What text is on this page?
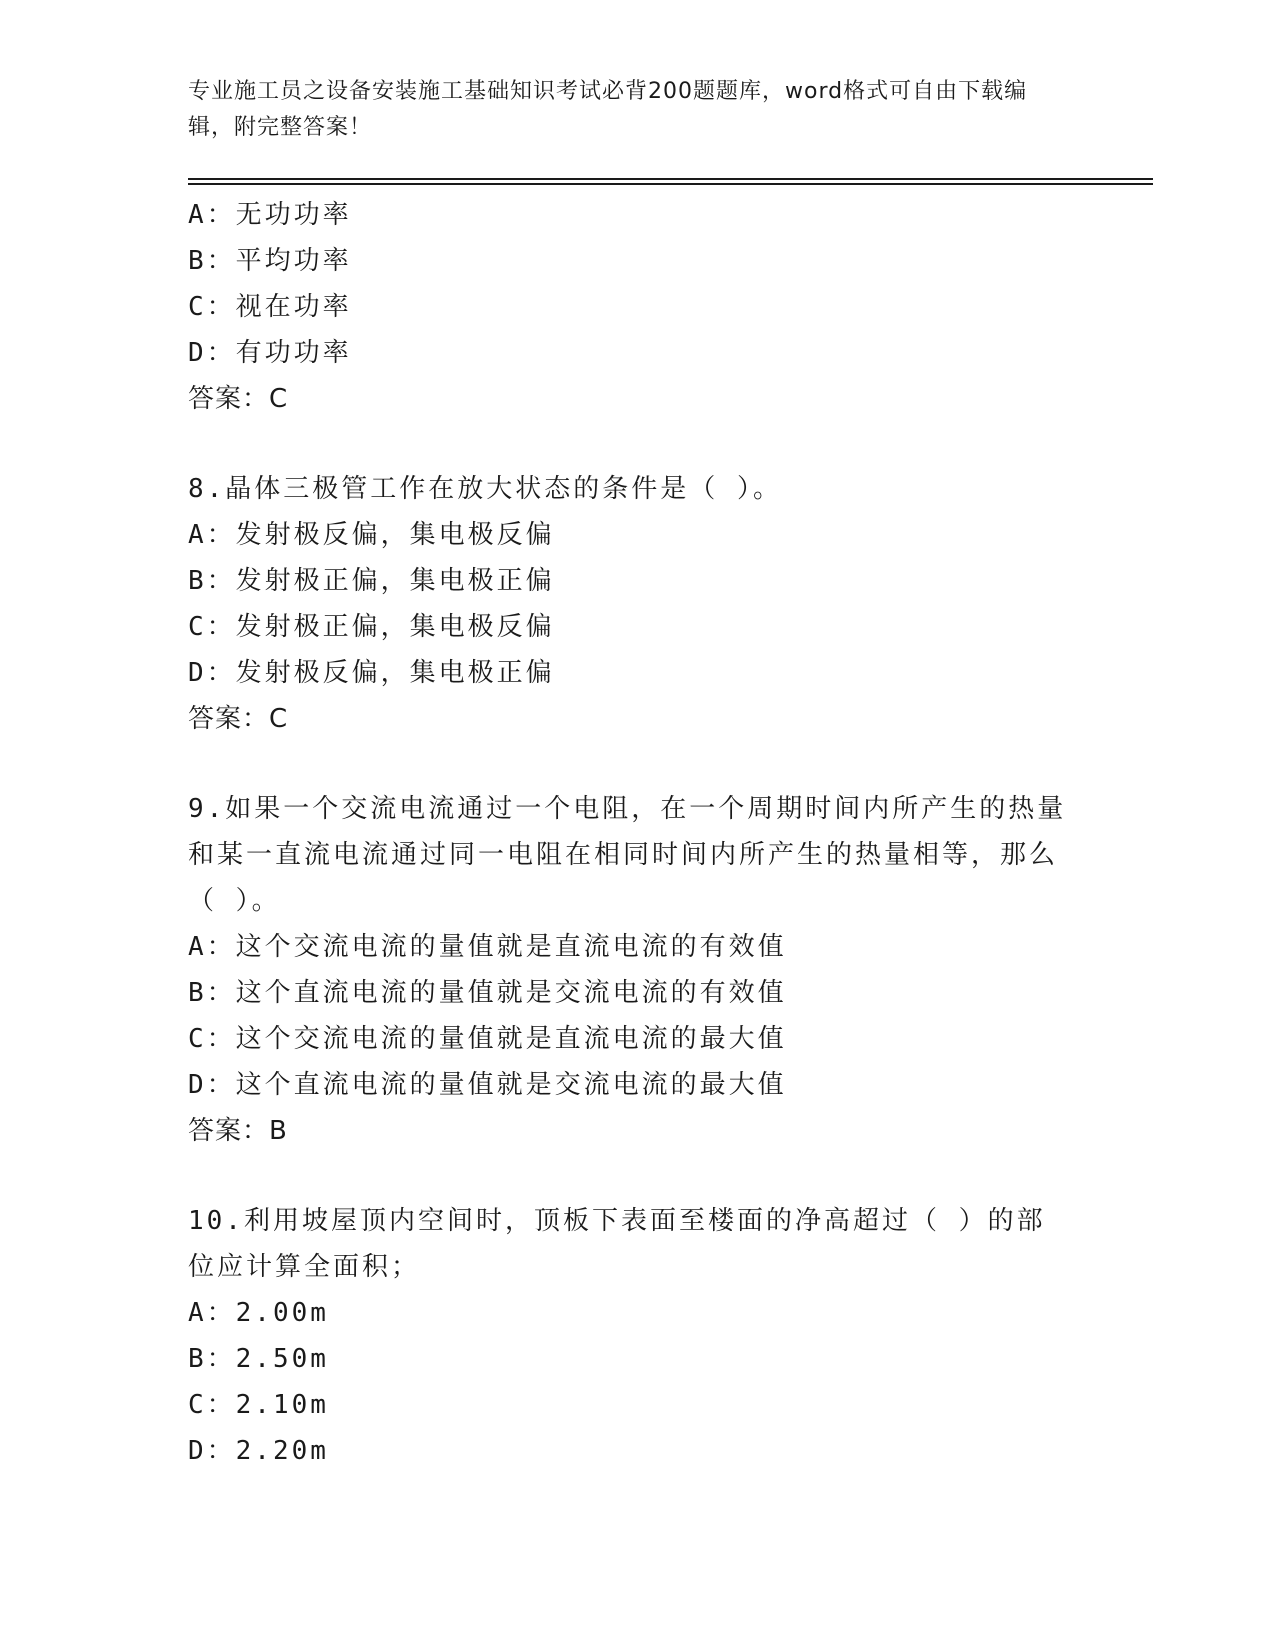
专业施工员之设备安装施工基础知识考试必背200题题库，word格式可自由下载编辑，附完整答案！
A：无功功率
B：平均功率
C：视在功率
D：有功功率
答案：C
8.晶体三极管工作在放大状态的条件是（ ）。
A：发射极反偏，集电极反偏
B：发射极正偏，集电极正偏
C：发射极正偏，集电极反偏
D：发射极反偏，集电极正偏
答案：C
9.如果一个交流电流通过一个电阻，在一个周期时间内所产生的热量和某一直流电流通过同一电阻在相同时间内所产生的热量相等，那么（ ）。
A：这个交流电流的量值就是直流电流的有效值
B：这个直流电流的量值就是交流电流的有效值
C：这个交流电流的量值就是直流电流的最大值
D：这个直流电流的量值就是交流电流的最大值
答案：B
10.利用坡屋顶内空间时，顶板下表面至楼面的净高超过（ ）的部位应计算全面积；
A：2.00m
B：2.50m
C：2.10m
D：2.20m
